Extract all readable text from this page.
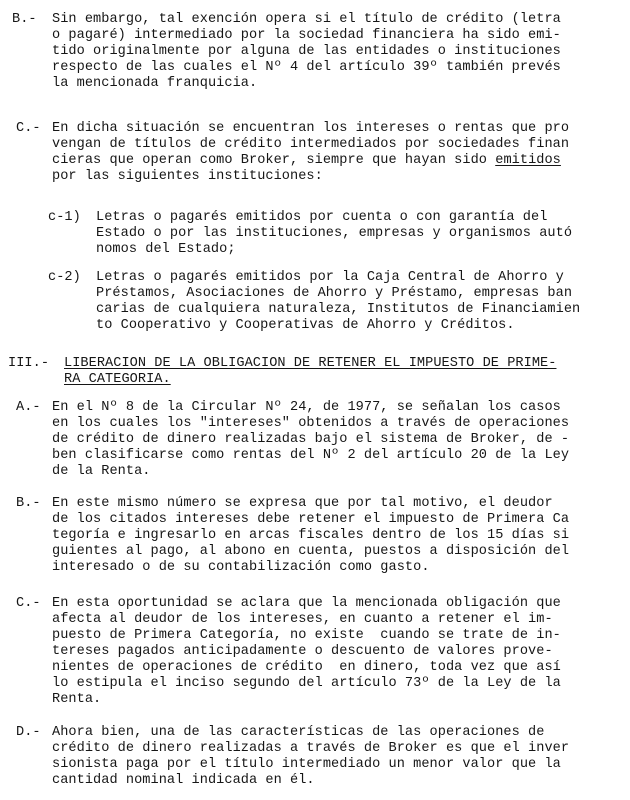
B.- Sin embargo, tal exención opera si el título de crédito (letra
o pagaré) intermediado por la sociedad financiera ha sido emi-
tido originalmente por alguna de las entidades o instituciones
respecto de las cuales el Nº 4 del artículo 39º también prevés
la mencionada franquicia.
C.- En dicha situación se encuentran los intereses o rentas que pro
vengan de títulos de crédito intermediados por sociedades finan
cieras que operan como Broker, siempre que hayan sido emitidos
por las siguientes instituciones:
c-1) Letras o pagarés emitidos por cuenta o con garantía del
Estado o por las instituciones, empresas y organismos autó
nomos del Estado;
c-2) Letras o pagarés emitidos por la Caja Central de Ahorro y
Préstamos, Asociaciones de Ahorro y Préstamo, empresas ban
carias de cualquiera naturaleza, Institutos de Financiamien
to Cooperativo y Cooperativas de Ahorro y Créditos.
III.- LIBERACION DE LA OBLIGACION DE RETENER EL IMPUESTO DE PRIME-
RA CATEGORIA.
A.- En el Nº 8 de la Circular Nº 24, de 1977, se señalan los casos
en los cuales los "intereses" obtenidos a través de operaciones
de crédito de dinero realizadas bajo el sistema de Broker, de -
ben clasificarse como rentas del Nº 2 del artículo 20 de la Ley
de la Renta.
B.- En este mismo número se expresa que por tal motivo, el deudor
de los citados intereses debe retener el impuesto de Primera Ca
tegoría e ingresarlo en arcas fiscales dentro de los 15 días si
guientes al pago, al abono en cuenta, puestos a disposición del
interesado o de su contabilización como gasto.
C.- En esta oportunidad se aclara que la mencionada obligación que
afecta al deudor de los intereses, en cuanto a retener el im-
puesto de Primera Categoría, no existe  cuando se trate de in-
tereses pagados anticipadamente o descuento de valores prove-
nientes de operaciones de crédito  en dinero, toda vez que así
lo estipula el inciso segundo del artículo 73º de la Ley de la
Renta.
D.- Ahora bien, una de las características de las operaciones de
crédito de dinero realizadas a través de Broker es que el inver
sionista paga por el título intermediado un menor valor que la
cantidad nominal indicada en él.
